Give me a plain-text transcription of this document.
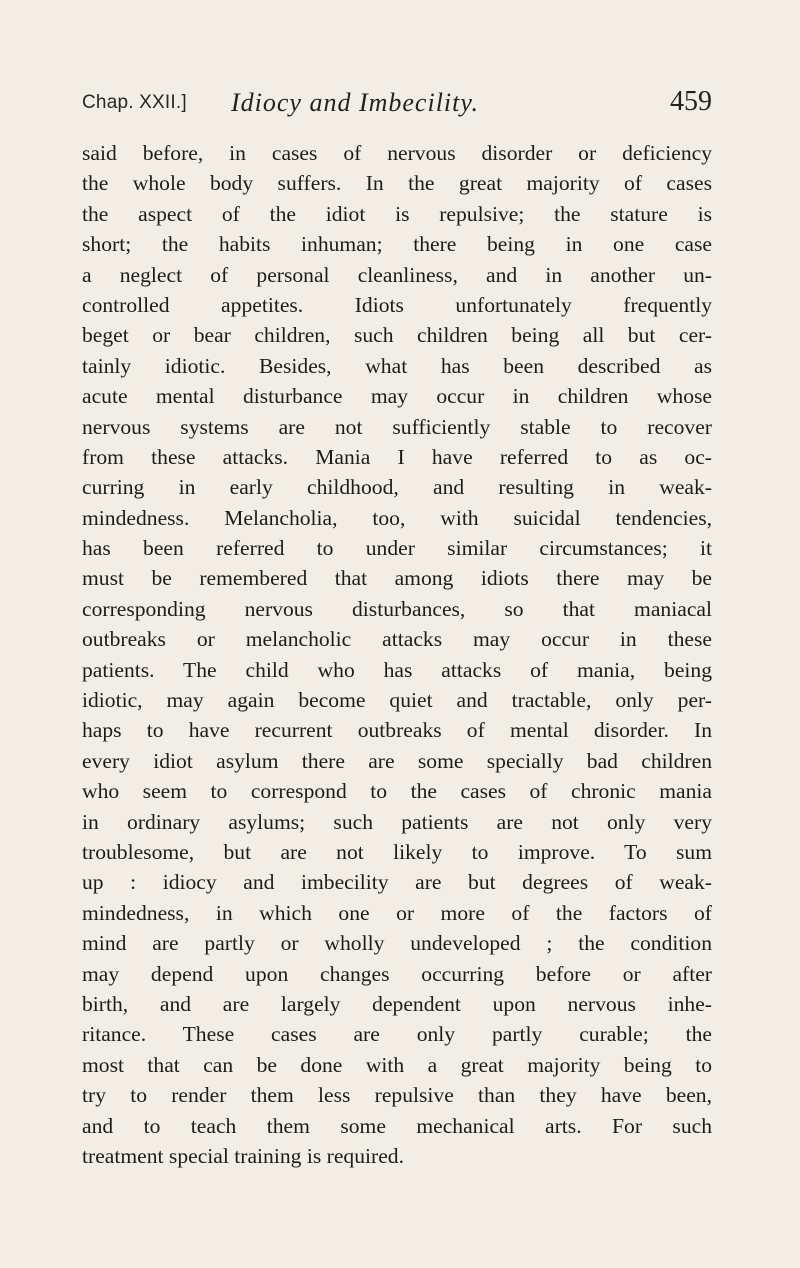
Chap. XXII.] Idiocy and Imbecility.	459
said before, in cases of nervous disorder or deficiency
the whole body suffers. In the great majority of cases
the aspect of the idiot is repulsive; the stature is
short; the habits inhuman; there being in one case
a neglect of personal cleanliness, and in another un-
controlled appetites. Idiots unfortunately frequently
beget or bear children, such children being all but cer-
tainly idiotic. Besides, what has been described as
acute mental disturbance may occur in children whose
nervous systems are not sufficiently stable to recover
from these attacks. Mania I have referred to as oc-
curring in early childhood, and resulting in weak-
mindedness. Melancholia, too, with suicidal tendencies,
has been referred to under similar circumstances; it
must be remembered that among idiots there may be
corresponding nervous disturbances, so that maniacal
outbreaks or melancholic attacks may occur in these
patients. The child who has attacks of mania, being
idiotic, may again become quiet and tractable, only per-
haps to have recurrent outbreaks of mental disorder. In
every idiot asylum there are some specially bad children
who seem to correspond to the cases of chronic mania
in ordinary asylums; such patients are not only very
troublesome, but are not likely to improve. To sum
up : idiocy and imbecility are but degrees of weak-
mindedness, in which one or more of the factors of
mind are partly or wholly undeveloped ; the condition
may depend upon changes occurring before or after
birth, and are largely dependent upon nervous inhe-
ritance. These cases are only partly curable; the
most that can be done with a great majority being to
try to render them less repulsive than they have been,
and to teach them some mechanical arts. For such
treatment special training is required.
